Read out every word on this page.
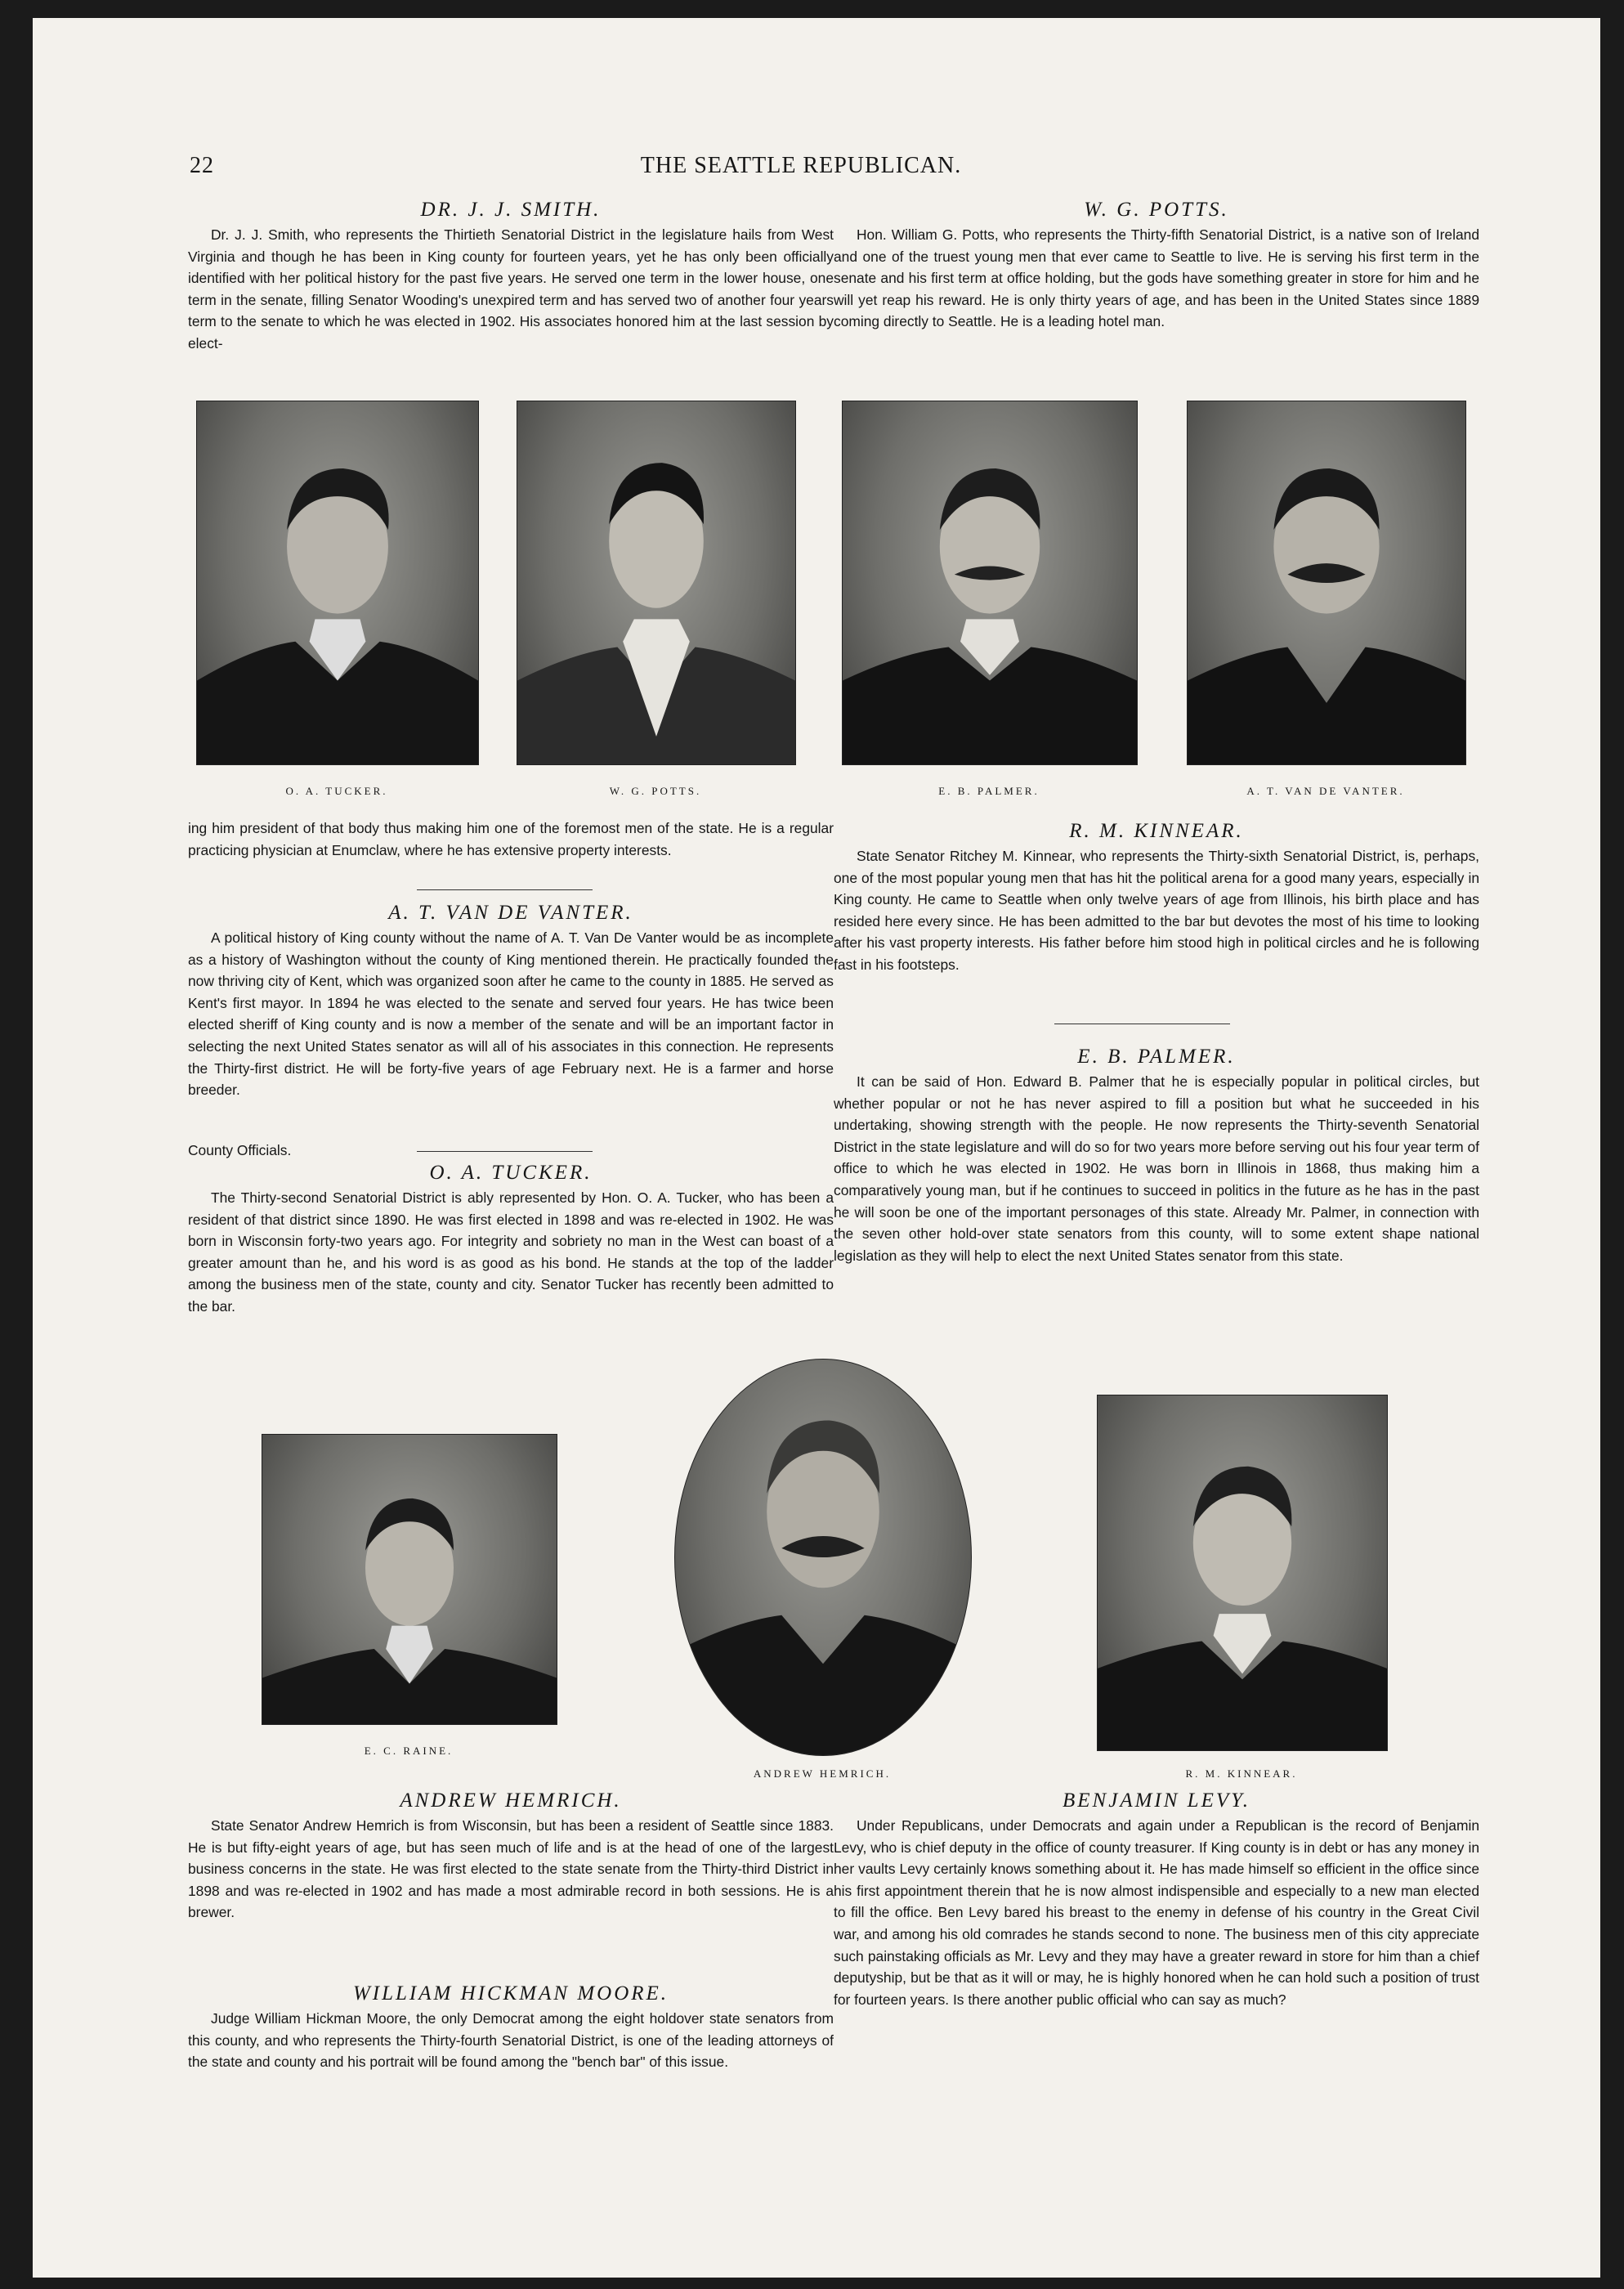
22	THE SEATTLE REPUBLICAN.
DR. J. J. SMITH.

Dr. J. J. Smith, who represents the Thirtieth Senatorial District in the legislature hails from West Virginia and though he has been in King county for fourteen years, yet he has only been officially identified with her political history for the past five years. He served one term in the lower house, one term in the senate, filling Senator Wooding's unexpired term and has served two of another four years term to the senate to which he was elected in 1902. His associates honored him at the last session by elect-

W. G. POTTS.

Hon. William G. Potts, who represents the Thirty-fifth Senatorial District, is a native son of Ireland and one of the truest young men that ever came to Seattle to live. He is serving his first term in the senate and his first term at office holding, but the gods have something greater in store for him and he will yet reap his reward. He is only thirty years of age, and has been in the United States since 1889 coming directly to Seattle. He is a leading hotel man.

O. A. TUCKER.	W. G. POTTS.	E. B. PALMER.	A. T. VAN DE VANTER.

ing him president of that body thus making him one of the foremost men of the state. He is a regular practicing physician at Enumclaw, where he has extensive property interests.

A. T. VAN DE VANTER.

A political history of King county without the name of A. T. Van De Vanter would be as incomplete as a history of Washington without the county of King mentioned therein. He practically founded the now thriving city of Kent, which was organized soon after he came to the county in 1885. He served as Kent's first mayor. In 1894 he was elected to the senate and served four years. He has twice been elected sheriff of King county and is now a member of the senate and will be an important factor in selecting the next United States senator as will all of his associates in this connection. He represents the Thirty-first district. He will be forty-five years of age February next. He is a farmer and horse breeder.

County Officials.
O. A. TUCKER.

The Thirty-second Senatorial District is ably represented by Hon. O. A. Tucker, who has been a resident of that district since 1890. He was first elected in 1898 and was re-elected in 1902. He was born in Wisconsin forty-two years ago. For integrity and sobriety no man in the West can boast of a greater amount than he, and his word is as good as his bond. He stands at the top of the ladder among the business men of the state, county and city. Senator Tucker has recently been admitted to the bar.

R. M. KINNEAR.

State Senator Ritchey M. Kinnear, who represents the Thirty-sixth Senatorial District, is, perhaps, one of the most popular young men that has hit the political arena for a good many years, especially in King county. He came to Seattle when only twelve years of age from Illinois, his birth place and has resided here every since. He has been admitted to the bar but devotes the most of his time to looking after his vast property interests. His father before him stood high in political circles and he is following fast in his footsteps.

E. B. PALMER.

It can be said of Hon. Edward B. Palmer that he is especially popular in political circles, but whether popular or not he has never aspired to fill a position but what he succeeded in his undertaking, showing strength with the people. He now represents the Thirty-seventh Senatorial District in the state legislature and will do so for two years more before serving out his four year term of office to which he was elected in 1902. He was born in Illinois in 1868, thus making him a comparatively young man, but if he continues to succeed in politics in the future as he has in the past he will soon be one of the important personages of this state. Already Mr. Palmer, in connection with the seven other hold-over state senators from this county, will to some extent shape national legislation as they will help to elect the next United States senator from this state.

E. C. RAINE.
ANDREW HEMRICH.	R. M. KINNEAR.
ANDREW HEMRICH.

State Senator Andrew Hemrich is from Wisconsin, but has been a resident of Seattle since 1883. He is but fifty-eight years of age, but has seen much of life and is at the head of one of the largest business concerns in the state. He was first elected to the state senate from the Thirty-third District in 1898 and was re-elected in 1902 and has made a most admirable record in both sessions. He is a brewer.

WILLIAM HICKMAN MOORE.

Judge William Hickman Moore, the only Democrat among the eight holdover state senators from this county, and who represents the Thirty-fourth Senatorial District, is one of the leading attorneys of the state and county and his portrait will be found among the "bench bar" of this issue.

BENJAMIN LEVY.

Under Republicans, under Democrats and again under a Republican is the record of Benjamin Levy, who is chief deputy in the office of county treasurer. If King county is in debt or has any money in her vaults Levy certainly knows something about it. He has made himself so efficient in the office since his first appointment therein that he is now almost indispensible and especially to a new man elected to fill the office. Ben Levy bared his breast to the enemy in defense of his country in the Great Civil war, and among his old comrades he stands second to none. The business men of this city appreciate such painstaking officials as Mr. Levy and they may have a greater reward in store for him than a chief deputyship, but be that as it will or may, he is highly honored when he can hold such a position of trust for fourteen years. Is there another public official who can say as much?
